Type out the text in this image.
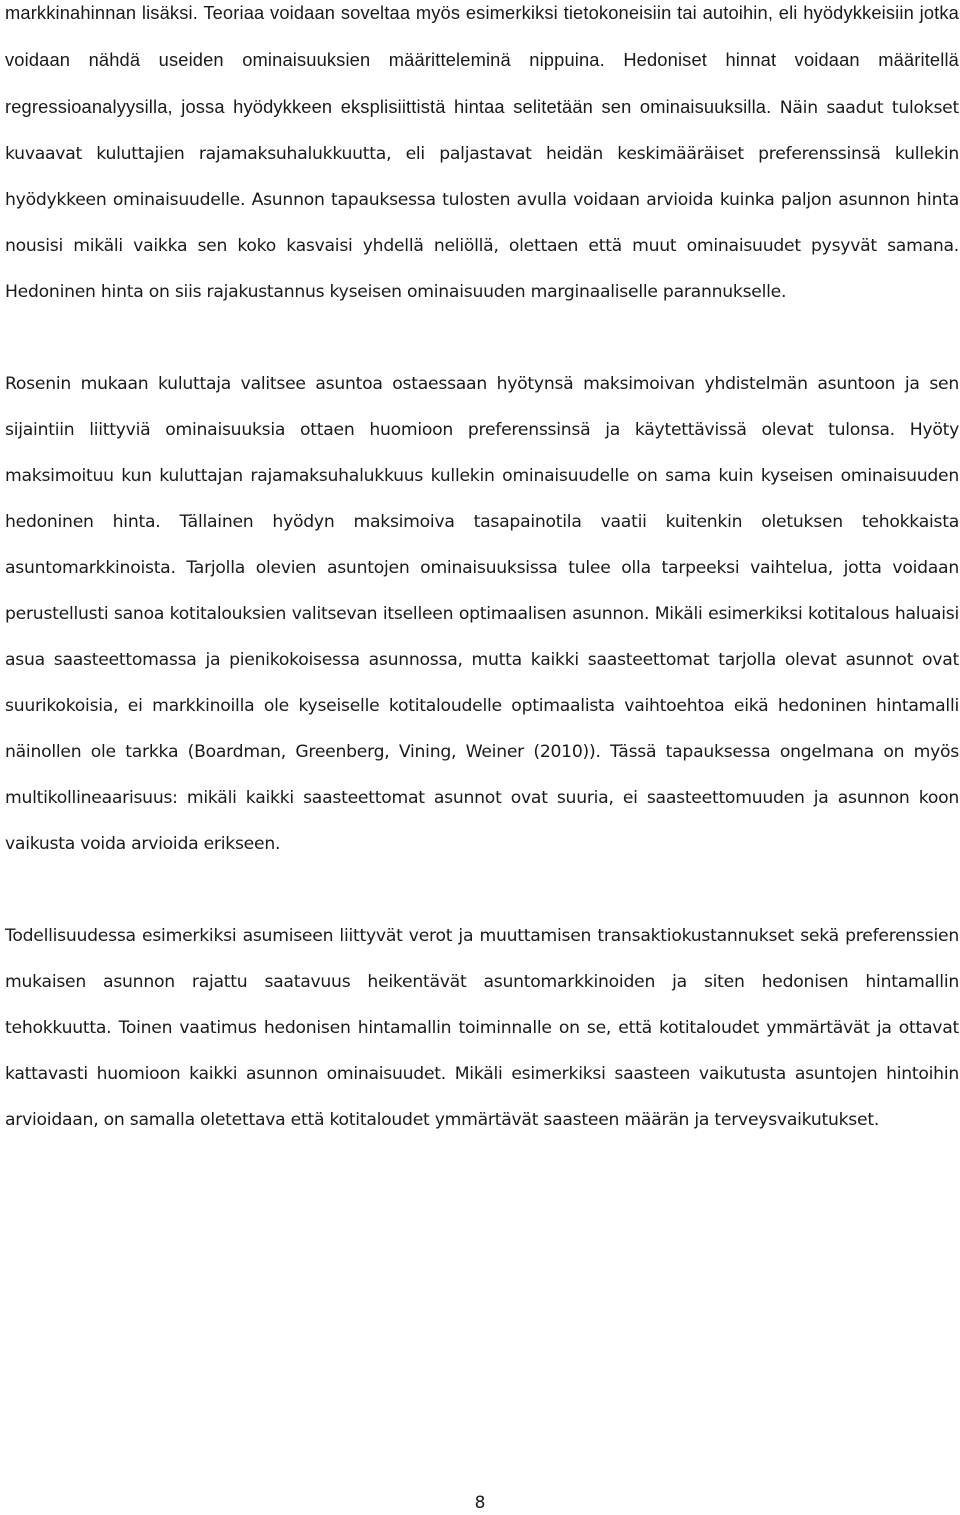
markkinahinnan lisäksi. Teoriaa voidaan soveltaa myös esimerkiksi tietokoneisiin tai autoihin, eli hyödykkeisiin jotka voidaan nähdä useiden ominaisuuksien määritteleminä nippuina. Hedoniset hinnat voidaan määritellä regressioanalyysilla, jossa hyödykkeen eksplisiittistä hintaa selitetään sen ominaisuuksilla. Näin saadut tulokset kuvaavat kuluttajien rajamaksuhalukkuutta, eli paljastavat heidän keskimääräiset preferenssinsä kullekin hyödykkeen ominaisuudelle. Asunnon tapauksessa tulosten avulla voidaan arvioida kuinka paljon asunnon hinta nousisi mikäli vaikka sen koko kasvaisi yhdellä neliöllä, olettaen että muut ominaisuudet pysyvät samana. Hedoninen hinta on siis rajakustannus kyseisen ominaisuuden marginaaliselle parannukselle.

Rosenin mukaan kuluttaja valitsee asuntoa ostaessaan hyötynsä maksimoivan yhdistelmän asuntoon ja sen sijaintiin liittyviä ominaisuuksia ottaen huomioon preferenssinsä ja käytettävissä olevat tulonsa. Hyöty maksimoituu kun kuluttajan rajamaksuhalukkuus kullekin ominaisuudelle on sama kuin kyseisen ominaisuuden hedoninen hinta. Tällainen hyödyn maksimoiva tasapainotila vaatii kuitenkin oletuksen tehokkaista asuntomarkkinoista. Tarjolla olevien asuntojen ominaisuuksissa tulee olla tarpeeksi vaihtelua, jotta voidaan perustellusti sanoa kotitalouksien valitsevan itselleen optimaalisen asunnon. Mikäli esimerkiksi kotitalous haluaisi asua saasteettomassa ja pienikokoisessa asunnossa, mutta kaikki saasteettomat tarjolla olevat asunnot ovat suurikokoisia, ei markkinoilla ole kyseiselle kotitaloudelle optimaalista vaihtoehtoa eikä hedoninen hintamalli näinollen ole tarkka (Boardman, Greenberg, Vining, Weiner (2010)). Tässä tapauksessa ongelmana on myös multikollineaarisuus: mikäli kaikki saasteettomat asunnot ovat suuria, ei saasteettomuuden ja asunnon koon vaikusta voida arvioida erikseen.

Todellisuudessa esimerkiksi asumiseen liittyvät verot ja muuttamisen transaktiokustannukset sekä preferenssien mukaisen asunnon rajattu saatavuus heikentävät asuntomarkkinoiden ja siten hedonisen hintamallin tehokkuutta. Toinen vaatimus hedonisen hintamallin toiminnalle on se, että kotitaloudet ymmärtävät ja ottavat kattavasti huomioon kaikki asunnon ominaisuudet. Mikäli esimerkiksi saasteen vaikutusta asuntojen hintoihin arvioidaan, on samalla oletettava että kotitaloudet ymmärtävät saasteen määrän ja terveysvaikutukset.

8
